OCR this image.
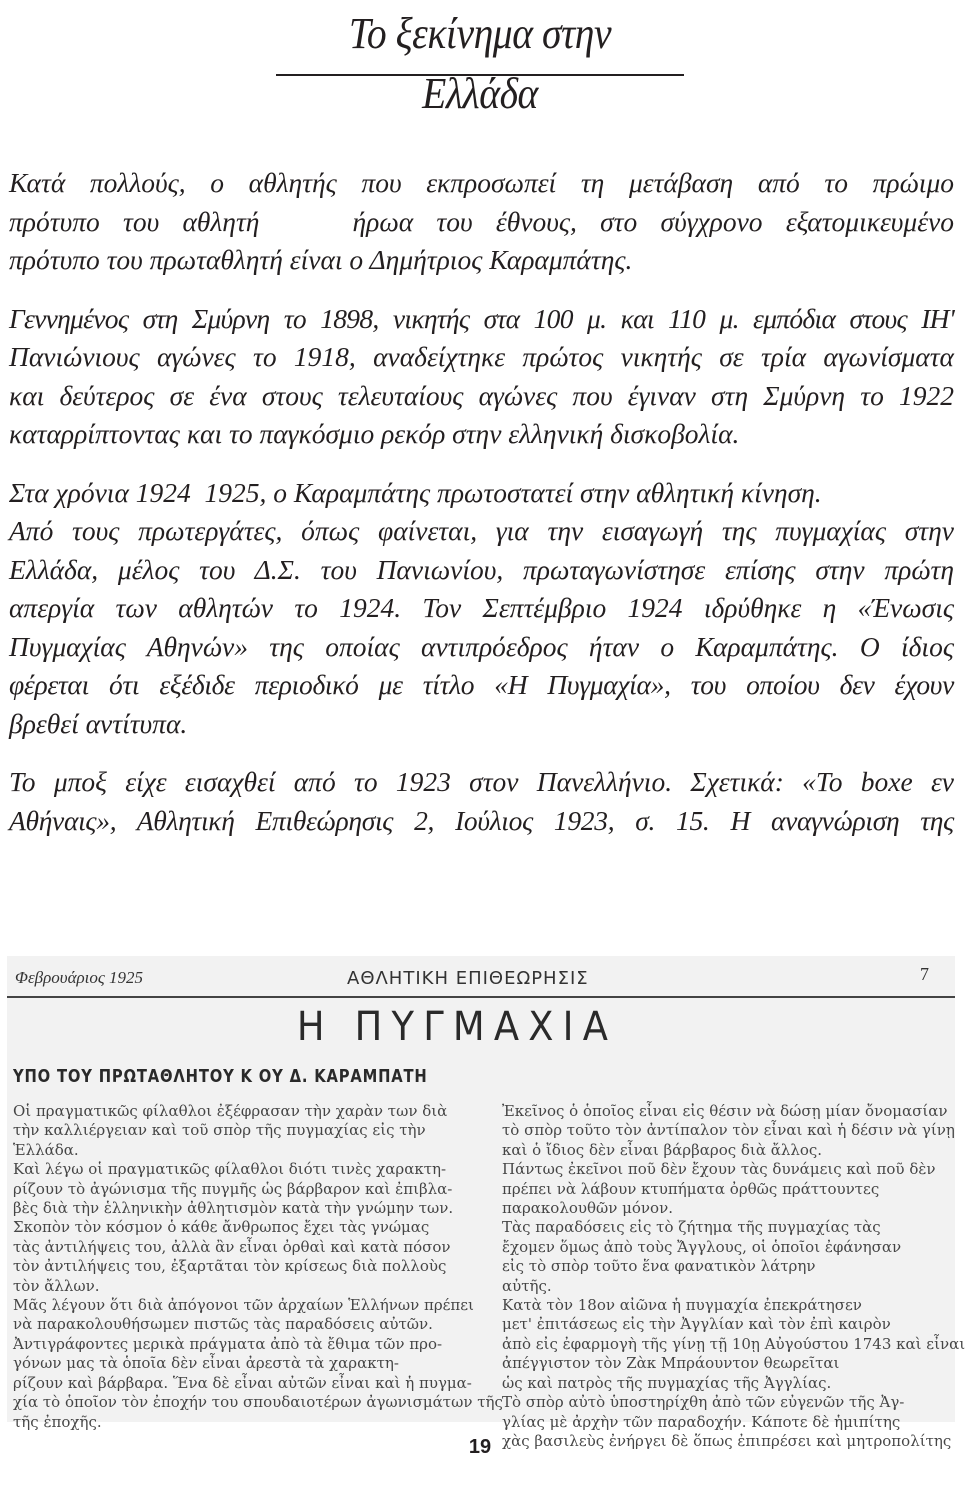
Το ξεκίνημα στην Ελλάδα

Κατά πολλούς, ο αθλητής που εκπροσωπεί τη μετάβαση από το πρώιμο
πρότυπο του αθλητή    ήρωα του έθνους, στο σύγχρονο εξατομικευμένο
πρότυπο του πρωταθλητή είναι ο Δημήτριος Καραμπάτης.

Γεννημένος στη Σμύρνη το 1898, νικητής στα 100 μ. και 110 μ. εμπόδια στους ΙΗ'
Πανιώνιους αγώνες το 1918, αναδείχτηκε πρώτος νικητής σε τρία αγωνίσματα
και δεύτερος σε ένα στους τελευταίους αγώνες που έγιναν στη Σμύρνη το 1922
καταρρίπτοντας και το παγκόσμιο ρεκόρ στην ελληνική δισκοβολία.

Στα χρόνια 1924  1925, ο Καραμπάτης πρωτοστατεί στην αθλητική κίνηση.
Από τους πρωτεργάτες, όπως φαίνεται, για την εισαγωγή της πυγμαχίας στην
Ελλάδα, μέλος του Δ.Σ. του Πανιωνίου, πρωταγωνίστησε επίσης στην πρώτη
απεργία των αθλητών το 1924. Τον Σεπτέμβριο 1924 ιδρύθηκε η «Ένωσις
Πυγμαχίας Αθηνών» της οποίας αντιπρόεδρος ήταν ο Καραμπάτης. Ο ίδιος
φέρεται ότι εξέδιδε περιοδικό με τίτλο «Η Πυγμαχία», του οποίου δεν έχουν
βρεθεί αντίτυπα.

Το μποξ είχε εισαχθεί από το 1923 στον Πανελλήνιο. Σχετικά: «Το boxe εν
Αθήναις», Αθλητική Επιθεώρησις 2, Ιούλιος 1923, σ. 15. Η αναγνώριση της

Φεβρουάριος 1925	ΑΘΛΗΤΙΚΗ ΕΠΙΘΕΩΡΗΣΙΣ	7
Η ΠΥΓΜΑΧΙΑ
ΥΠΟ ΤΟΥ ΠΡΩΤΑΘΛΗΤΟΥ Κ ΟΥ Δ. ΚΑΡΑΜΠΑΤΗ
Οἱ πραγματικῶς φίλαθλοι ἐξέφρασαν τὴν χαρὰν των διὰ
τὴν καλλιέργειαν καὶ τοῦ σπὸρ τῆς πυγμαχίας εἰς τὴν
Ἑλλάδα.
Καὶ λέγω οἱ πραγματικῶς φίλαθλοι διότι τινὲς χαρακτη-
ρίζουν τὸ ἀγώνισμα τῆς πυγμῆς ὡς βάρβαρον καὶ ἐπιβλα-
βὲς διὰ τὴν ἑλληνικὴν ἀθλητισμὸν κατὰ τὴν γνώμην των.
Σκοπὸν τὸν κόσμον ὁ κάθε ἄνθρωπος ἔχει τὰς γνώμας
τὰς ἀντιλήψεις του, ἀλλὰ ἂν εἶναι ὀρθαὶ καὶ κατὰ πόσον
τὸν ἀντιλήψεις του, ἐξαρτᾶται τὸν κρίσεως διὰ πολλοὺς
τὸν ἄλλων.
Μᾶς λέγουν ὅτι διὰ ἀπόγονοι τῶν ἀρχαίων Ἑλλήνων πρέπει
νὰ παρακολουθήσωμεν πιστῶς τὰς παραδόσεις αὐτῶν.
Ἀντιγράφοντες μερικὰ πράγματα ἀπὸ τὰ ἔθιμα τῶν προ-
γόνων μας τὰ ὁποῖα δὲν εἶναι ἀρεστὰ τὰ χαρακτη-
ρίζουν καὶ βάρβαρα. Ἕνα δὲ εἶναι αὐτῶν εἶναι καὶ ἡ πυγμα-
χία τὸ ὁποῖον τὸν ἐποχήν του σπουδαιοτέρων ἀγωνισμάτων τῆς
τῆς ἐποχῆς.
Ἐκεῖνος ὁ ὁποῖος εἶναι εἰς θέσιν νὰ δώσῃ μίαν ὄνομασίαν
τὸ σπὸρ τοῦτο τὸν ἀντίπαλον τὸν εἶναι καὶ ἡ δέσιν νὰ γίνῃ
καὶ ὁ ἴδιος δὲν εἶναι βάρβαρος διὰ ἄλλος.
Πάντως ἐκεῖνοι ποῦ δὲν ἔχουν τὰς δυνάμεις καὶ ποῦ δὲν
πρέπει νὰ λάβουν κτυπήματα ὀρθῶς πράττουντες
παρακολουθῶν μόνον.
Τὰς παραδόσεις εἰς τὸ ζήτημα τῆς πυγμαχίας τὰς
ἔχομεν ὅμως ἀπὸ τοὺς Ἄγγλους, οἱ ὁποῖοι ἐφάνησαν
εἰς τὸ σπὸρ τοῦτο ἕνα φανατικὸν λάτρην
αὐτῆς.
Κατὰ τὸν 18ον αἰῶνα ἡ πυγμαχία ἐπεκράτησεν
μετ' ἐπιτάσεως εἰς τὴν Ἀγγλίαν καὶ τὸν ἐπὶ καιρὸν
ἀπὸ εἰς ἐφαρμογὴ τῆς γίνῃ τῇ 10ῃ Αὐγούστου 1743 καὶ εἶναι
ἀπέγγιστον τὸν Ζὰκ Μπράουντον θεωρεῖται
ὡς καὶ πατρὸς τῆς πυγμαχίας τῆς Ἀγγλίας.
Τὸ σπὸρ αὐτὸ ὑποστηρίχθη ἀπὸ τῶν εὐγενῶν τῆς Ἀγ-
γλίας μὲ ἀρχὴν τῶν παραδοχήν. Κάποτε δὲ ἡμιπίτης
χὰς βασιλεὺς ἐνήργει δὲ ὅπως ἐπιπρέσει καὶ μητροπολίτης
19
